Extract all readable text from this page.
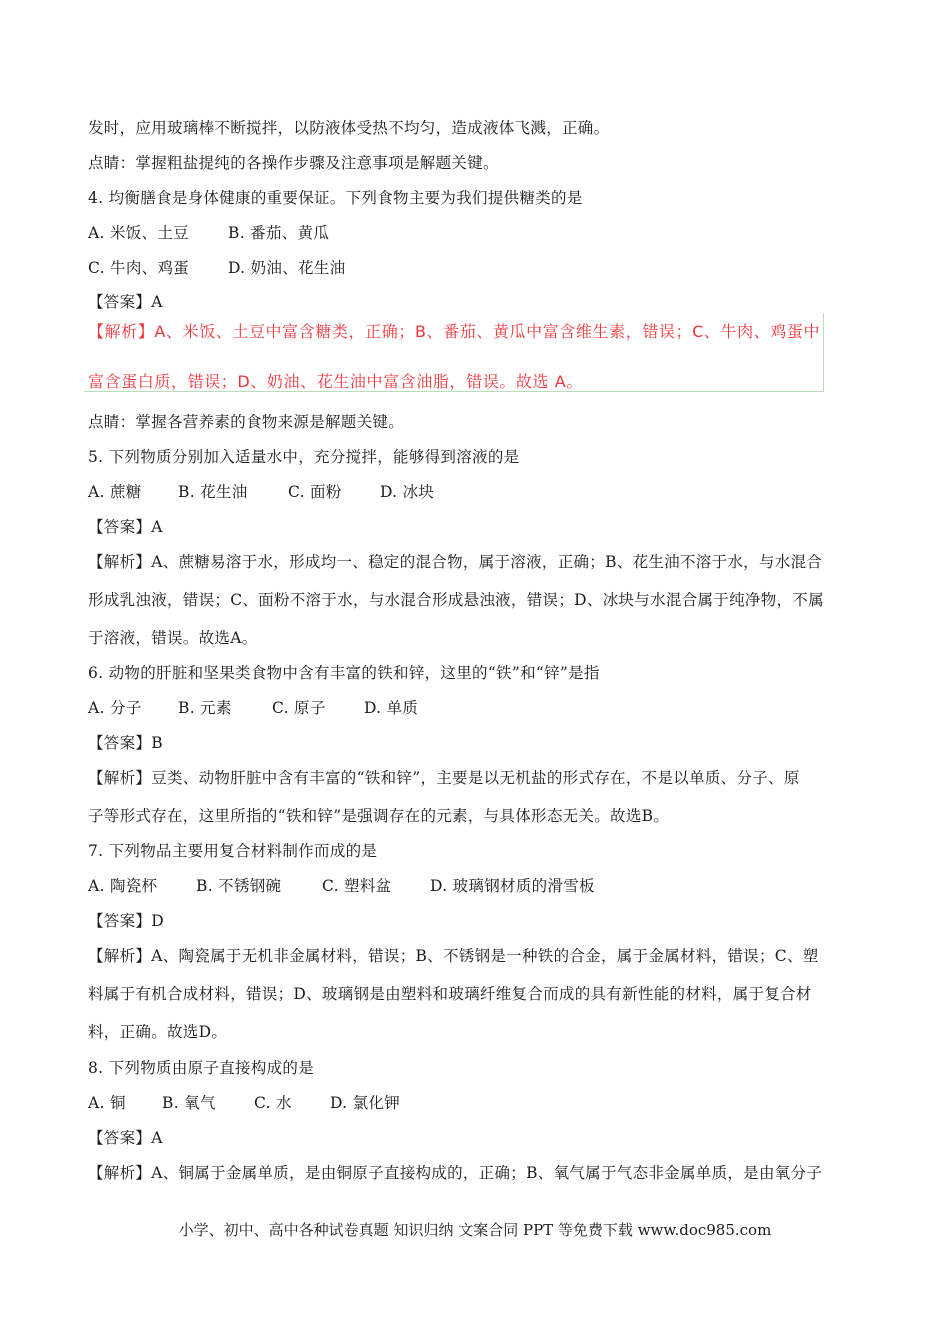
发时，应用玻璃棒不断搅拌，以防液体受热不均匀，造成液体飞溅，正确。
点睛：掌握粗盐提纯的各操作步骤及注意事项是解题关键。
4. 均衡膳食是身体健康的重要保证。下列食物主要为我们提供糖类的是
A. 米饭、土豆	B. 番茄、黄瓜
C. 牛肉、鸡蛋	D. 奶油、花生油
【答案】A
【解析】A、米饭、土豆中富含糖类，正确；B、番茄、黄瓜中富含维生素，错误；C、牛肉、鸡蛋中
富含蛋白质，错误；D、奶油、花生油中富含油脂，错误。故选 A。
点睛：掌握各营养素的食物来源是解题关键。
5. 下列物质分别加入适量水中，充分搅拌，能够得到溶液的是
A. 蔗糖 B. 花生油	C. 面粉 D. 冰块
【答案】A
【解析】A、蔗糖易溶于水，形成均一、稳定的混合物，属于溶液，正确；B、花生油不溶于水，与水混合
形成乳浊液，错误；C、面粉不溶于水，与水混合形成悬浊液，错误；D、冰块与水混合属于纯净物，不属
于溶液，错误。故选A。
6. 动物的肝脏和坚果类食物中含有丰富的铁和锌，这里的“铁”和“锌”是指
A. 分子 B. 元素	C. 原子 D. 单质
【答案】B
【解析】豆类、动物肝脏中含有丰富的“铁和锌”，主要是以无机盐的形式存在，不是以单质、分子、原
子等形式存在，这里所指的“铁和锌”是强调存在的元素，与具体形态无关。故选B。
7. 下列物品主要用复合材料制作而成的是
A. 陶瓷杯 B. 不锈钢碗	C. 塑料盆 D. 玻璃钢材质的滑雪板
【答案】D
【解析】A、陶瓷属于无机非金属材料，错误；B、不锈钢是一种铁的合金，属于金属材料，错误；C、塑
料属于有机合成材料，错误；D、玻璃钢是由塑料和玻璃纤维复合而成的具有新性能的材料，属于复合材
料，正确。故选D。
8. 下列物质由原子直接构成的是
A. 铜 B. 氧气 C. 水 D. 氯化钾
【答案】A
【解析】A、铜属于金属单质，是由铜原子直接构成的，正确；B、氧气属于气态非金属单质，是由氧分子
小学、初中、高中各种试卷真题 知识归纳 文案合同 PPT 等免费下载 www.doc985.com
